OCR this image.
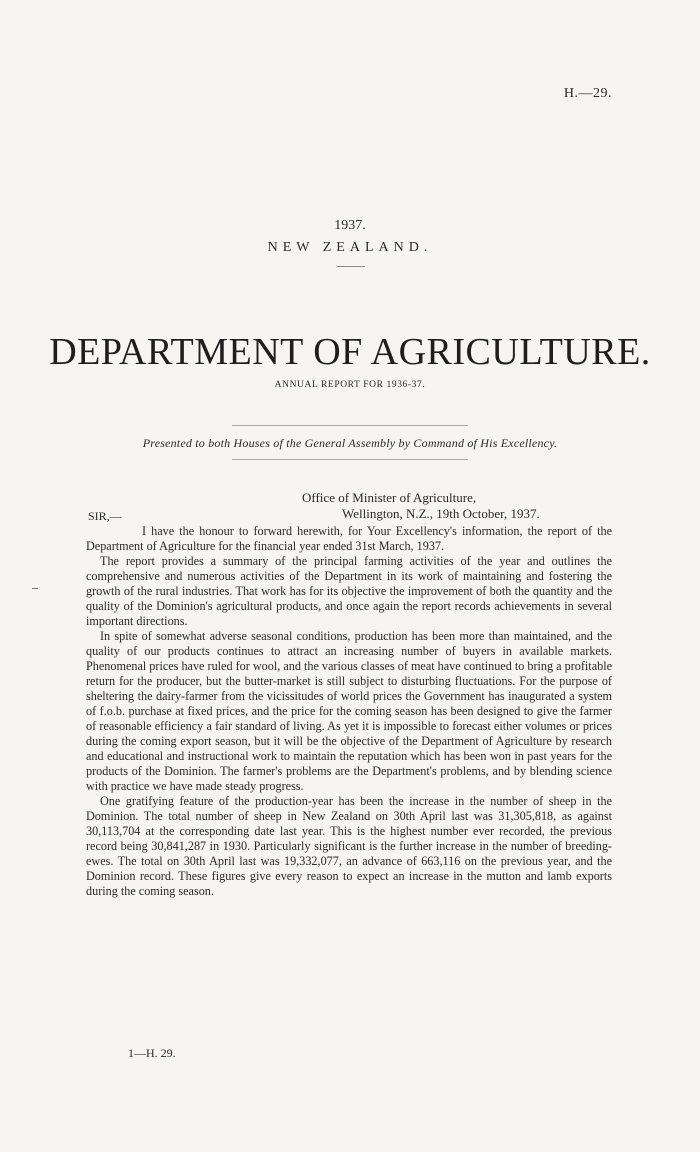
H.—29.
1937.
NEW ZEALAND.
DEPARTMENT OF AGRICULTURE.
ANNUAL REPORT FOR 1936-37.
Presented to both Houses of the General Assembly by Command of His Excellency.
Office of Minister of Agriculture,
Wellington, N.Z., 19th October, 1937.
SIR,—

I have the honour to forward herewith, for Your Excellency's information, the report of the Department of Agriculture for the financial year ended 31st March, 1937.

The report provides a summary of the principal farming activities of the year and outlines the comprehensive and numerous activities of the Department in its work of maintaining and fostering the growth of the rural industries. That work has for its objective the improvement of both the quantity and the quality of the Dominion's agricultural products, and once again the report records achievements in several important directions.

In spite of somewhat adverse seasonal conditions, production has been more than maintained, and the quality of our products continues to attract an increasing number of buyers in available markets. Phenomenal prices have ruled for wool, and the various classes of meat have continued to bring a profitable return for the producer, but the butter-market is still subject to disturbing fluctuations. For the purpose of sheltering the dairy-farmer from the vicissitudes of world prices the Government has inaugurated a system of f.o.b. purchase at fixed prices, and the price for the coming season has been designed to give the farmer of reasonable efficiency a fair standard of living. As yet it is impossible to forecast either volumes or prices during the coming export season, but it will be the objective of the Department of Agriculture by research and educational and instructional work to maintain the reputation which has been won in past years for the products of the Dominion. The farmer's problems are the Department's problems, and by blending science with practice we have made steady progress.

One gratifying feature of the production-year has been the increase in the number of sheep in the Dominion. The total number of sheep in New Zealand on 30th April last was 31,305,818, as against 30,113,704 at the corresponding date last year. This is the highest number ever recorded, the previous record being 30,841,287 in 1930. Particularly significant is the further increase in the number of breeding-ewes. The total on 30th April last was 19,332,077, an advance of 663,116 on the previous year, and the Dominion record. These figures give every reason to expect an increase in the mutton and lamb exports during the coming season.

1—H. 29.
